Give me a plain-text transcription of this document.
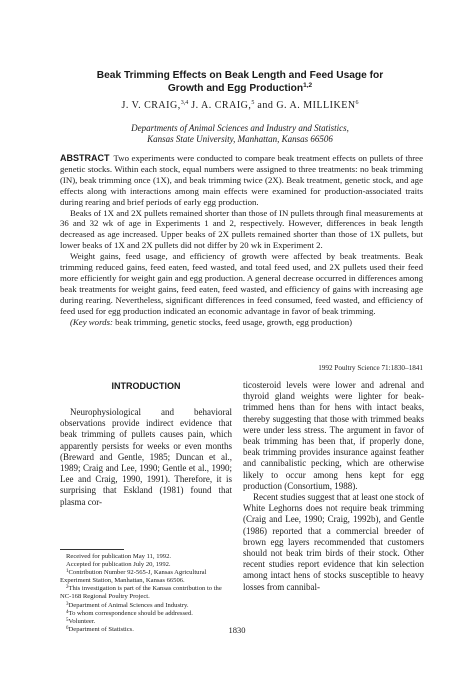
Beak Trimming Effects on Beak Length and Feed Usage for
Growth and Egg Production$^{1,2}$
J. V. CRAIG,$^{3,4}$ J. A. CRAIG,$^5$ and G. A. MILLIKEN$^6$
Departments of Animal Sciences and Industry and Statistics,
Kansas State University, Manhattan, Kansas 66506

ABSTRACT Two experiments were conducted to compare beak treatment effects on pullets of three genetic stocks. Within each stock, equal numbers were assigned to three treatments: no beak trimming (IN), beak trimming once (1X), and beak trimming twice (2X). Beak treatment, genetic stock, and age effects along with interactions among main effects were examined for production-associated traits during rearing and brief periods of early egg production.

Beaks of 1X and 2X pullets remained shorter than those of IN pullets through final measurements at 36 and 32 wk of age in Experiments 1 and 2, respectively. However, differences in beak length decreased as age increased. Upper beaks of 2X pullets remained shorter than those of 1X pullets, but lower beaks of 1X and 2X pullets did not differ by 20 wk in Experiment 2.

Weight gains, feed usage, and efficiency of growth were affected by beak treatments. Beak trimming reduced gains, feed eaten, feed wasted, and total feed used, and 2X pullets used their feed more efficiently for weight gain and egg production. A general decrease occurred in differences among beak treatments for weight gains, feed eaten, feed wasted, and efficiency of gains with increasing age during rearing. Nevertheless, significant differences in feed consumed, feed wasted, and efficiency of feed used for egg production indicated an economic advantage in favor of beak trimming.

(Key words: beak trimming, genetic stocks, feed usage, growth, egg production)

1992 Poultry Science 71:1830–1841
INTRODUCTION

Neurophysiological and behavioral observations provide indirect evidence that beak trimming of pullets causes pain, which apparently persists for weeks or even months (Breward and Gentle, 1985; Duncan et al., 1989; Craig and Lee, 1990; Gentle et al., 1990; Lee and Craig, 1990, 1991). Therefore, it is surprising that Eskland (1981) found that plasma cor-

ticosteroid levels were lower and adrenal and thyroid gland weights were lighter for beak-trimmed hens than for hens with intact beaks, thereby suggesting that those with trimmed beaks were under less stress. The argument in favor of beak trimming has been that, if properly done, beak trimming provides insurance against feather and cannibalistic pecking, which are otherwise likely to occur among hens kept for egg production (Consortium, 1988).

Recent studies suggest that at least one stock of White Leghorns does not require beak trimming (Craig and Lee, 1990; Craig, 1992b), and Gentle (1986) reported that a commercial breeder of brown egg layers recommended that customers should not beak trim birds of their stock. Other recent studies report evidence that kin selection among intact hens of stocks susceptible to heavy losses from cannibal-

Received for publication May 11, 1992.
Accepted for publication July 20, 1992.
$^1$Contribution Number 92-565-J, Kansas Agricultural Experiment Station, Manhattan, Kansas 66506.
$^2$This investigation is part of the Kansas contribution to the NC-168 Regional Poultry Project.
$^3$Department of Animal Sciences and Industry.
$^4$To whom correspondence should be addressed.
$^5$Volunteer.
$^6$Department of Statistics.	1830
